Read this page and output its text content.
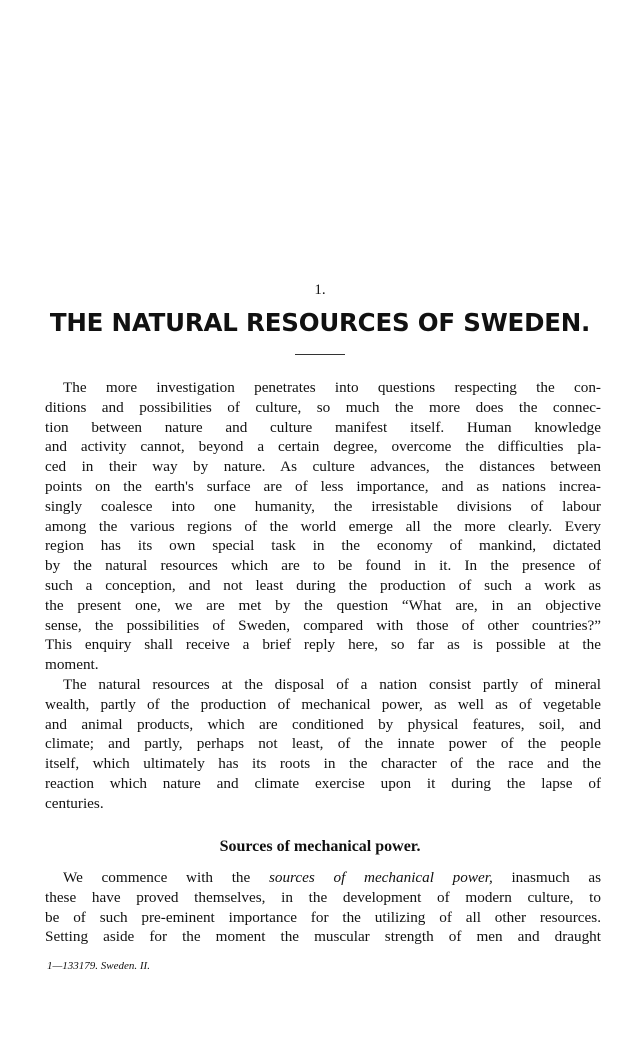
1.
THE NATURAL RESOURCES OF SWEDEN.
The more investigation penetrates into questions respecting the con-
ditions and possibilities of culture, so much the more does the connec-
tion between nature and culture manifest itself. Human knowledge
and activity cannot, beyond a certain degree, overcome the difficulties pla-
ced in their way by nature. As culture advances, the distances between
points on the earth's surface are of less importance, and as nations increa-
singly coalesce into one humanity, the irresistable divisions of labour
among the various regions of the world emerge all the more clearly. Every
region has its own special task in the economy of mankind, dictated
by the natural resources which are to be found in it. In the presence of
such a conception, and not least during the production of such a work as
the present one, we are met by the question “What are, in an objective
sense, the possibilities of Sweden, compared with those of other countries?”
This enquiry shall receive a brief reply here, so far as is possible at the
moment.
The natural resources at the disposal of a nation consist partly of mineral
wealth, partly of the production of mechanical power, as well as of vegetable
and animal products, which are conditioned by physical features, soil, and
climate; and partly, perhaps not least, of the innate power of the people
itself, which ultimately has its roots in the character of the race and the
reaction which nature and climate exercise upon it during the lapse of
centuries.
Sources of mechanical power.
We commence with the sources of mechanical power, inasmuch as
these have proved themselves, in the development of modern culture, to
be of such pre-eminent importance for the utilizing of all other resources.
Setting aside for the moment the muscular strength of men and draught
1—133179. Sweden. II.
